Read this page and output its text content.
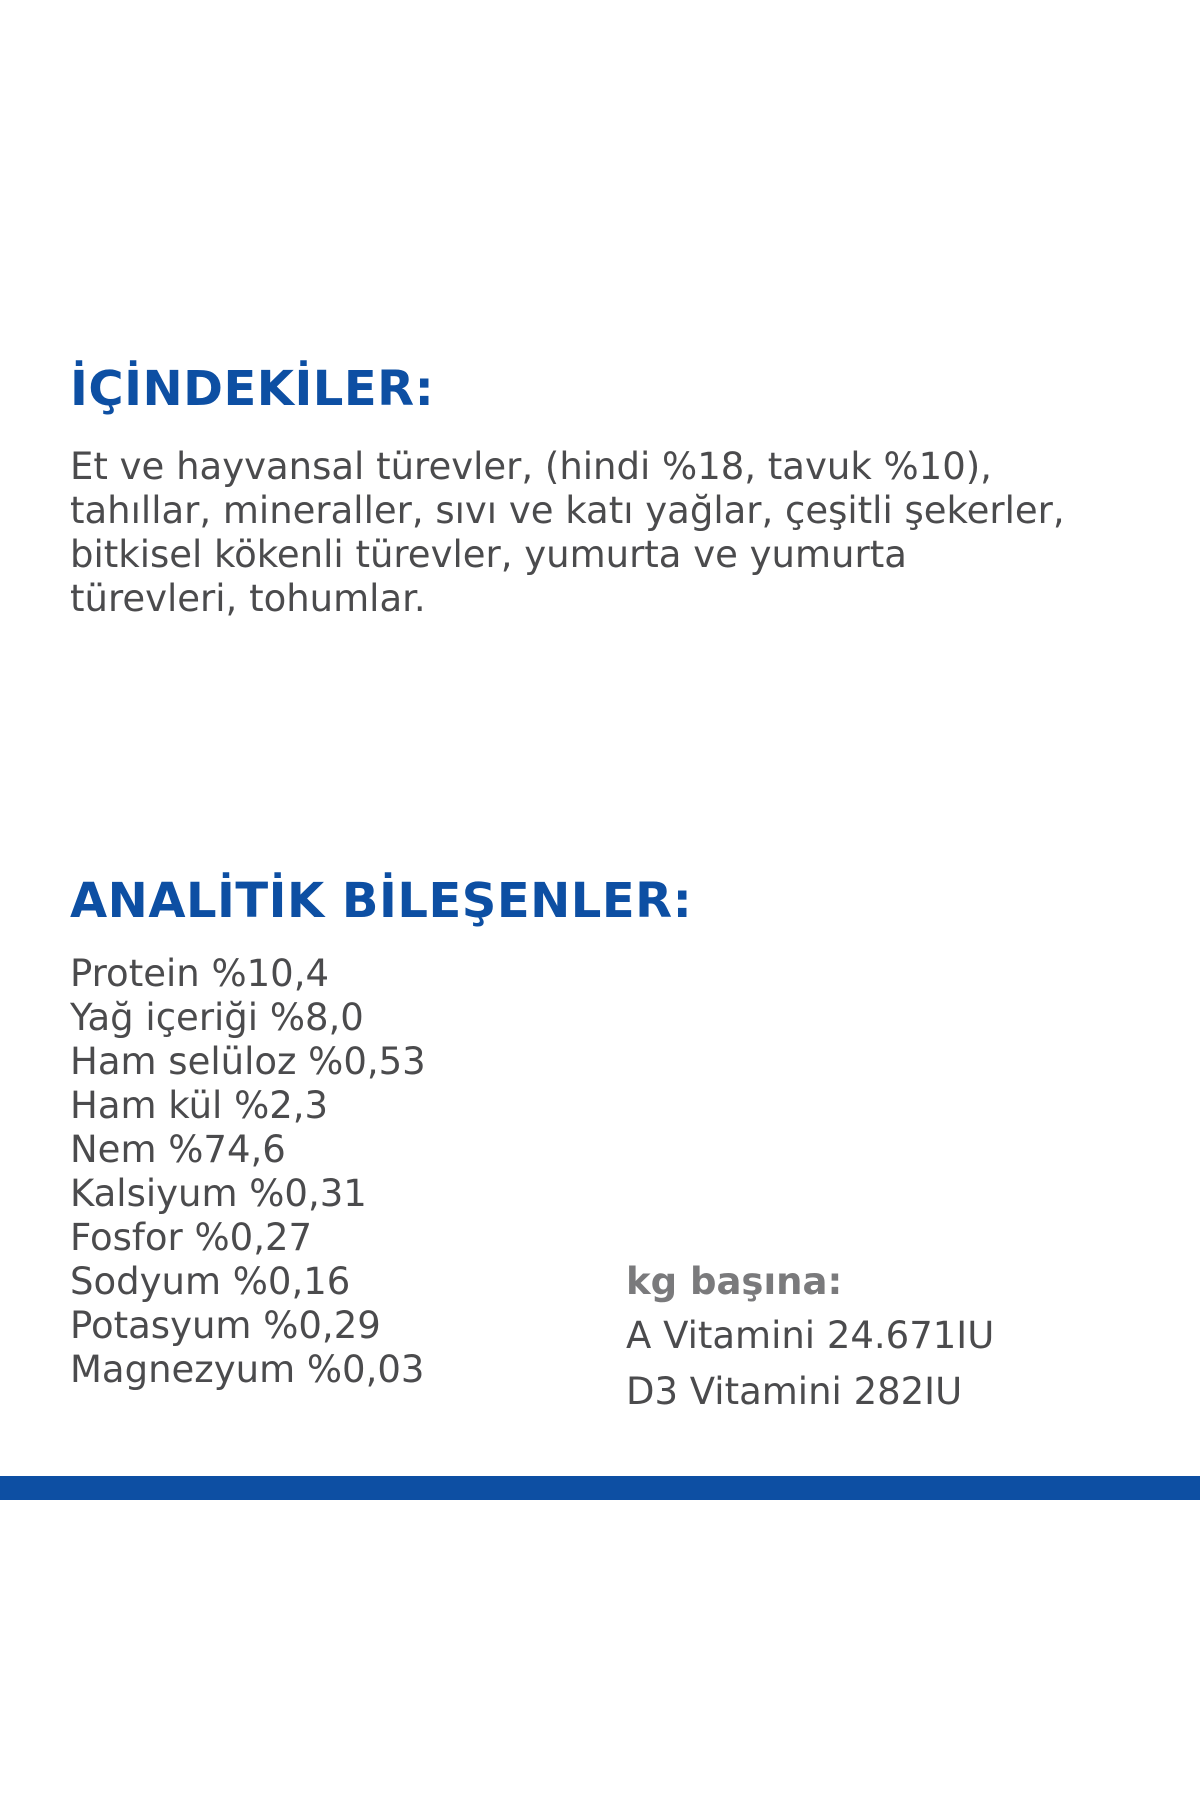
İÇİNDEKİLER:

Et ve hayvansal türevler, (hindi %18, tavuk %10),
tahıllar, mineraller, sıvı ve katı yağlar, çeşitli şekerler,
bitkisel kökenli türevler, yumurta ve yumurta
türevleri, tohumlar.

ANALİTİK BİLEŞENLER:
Protein %10,4
Yağ içeriği %8,0
Ham selüloz %0,53
Ham kül %2,3
Nem %74,6
Kalsiyum %0,31
Fosfor %0,27
Sodyum %0,16
Potasyum %0,29
Magnezyum %0,03

kg başına:

A Vitamini 24.671IU
D3 Vitamini 282IU
